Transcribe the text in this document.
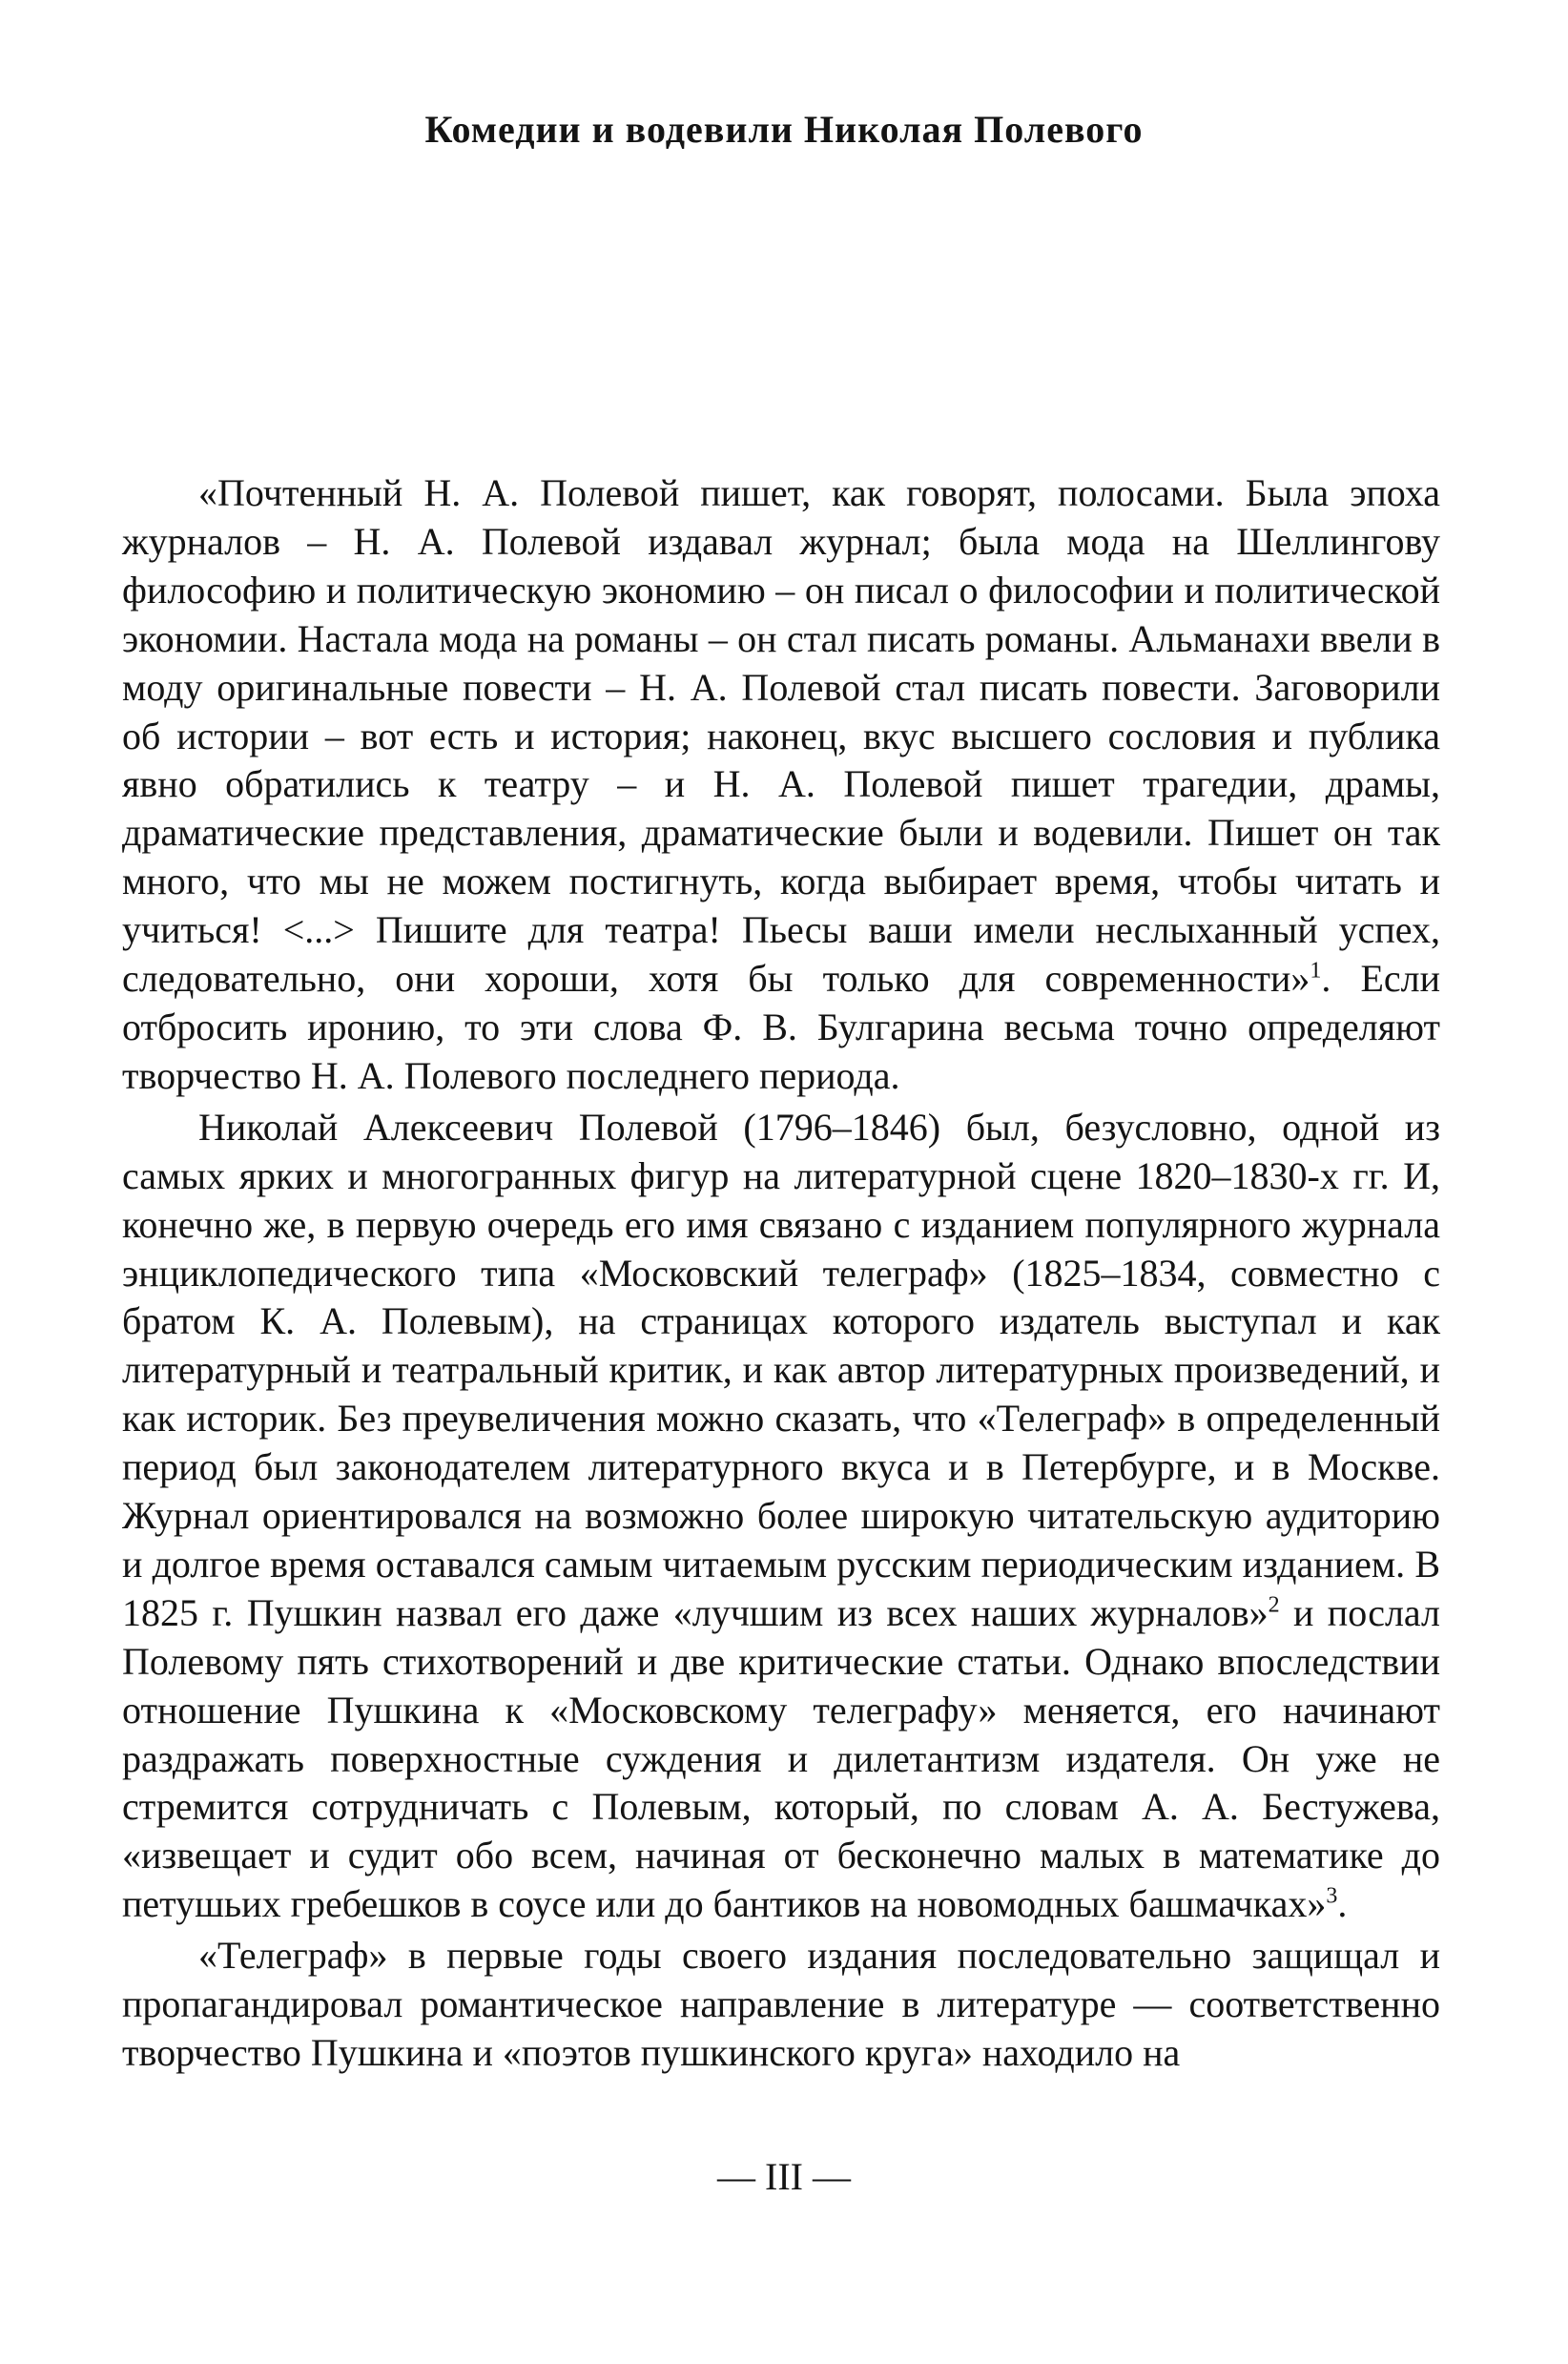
Комедии и водевили Николая Полевого

«Почтенный Н. А. Полевой пишет, как говорят, полосами. Была эпоха журналов – Н. А. Полевой издавал журнал; была мода на Шеллингову философию и политическую экономию – он писал о философии и политической экономии. Настала мода на романы – он стал писать романы. Альманахи ввели в моду оригинальные повести – Н. А. Полевой стал писать повести. Заговорили об истории – вот есть и история; наконец, вкус высшего сословия и публика явно обратились к театру – и Н. А. Полевой пишет трагедии, драмы, драматические представления, драматические были и водевили. Пишет он так много, что мы не можем постигнуть, когда выбирает время, чтобы читать и учиться! <...> Пишите для театра! Пьесы ваши имели неслыханный успех, следовательно, они хороши, хотя бы только для современности»$^1$. Если отбросить иронию, то эти слова Ф. В. Булгарина весьма точно определяют творчество Н. А. Полевого последнего периода.

Николай Алексеевич Полевой (1796–1846) был, безусловно, одной из самых ярких и многогранных фигур на литературной сцене 1820–1830-х гг. И, конечно же, в первую очередь его имя связано с изданием популярного журнала энциклопедического типа «Московский телеграф» (1825–1834, совместно с братом К. А. Полевым), на страницах которого издатель выступал и как литературный и театральный критик, и как автор литературных произведений, и как историк. Без преувеличения можно сказать, что «Телеграф» в определенный период был законодателем литературного вкуса и в Петербурге, и в Москве. Журнал ориентировался на возможно более широкую читательскую аудиторию и долгое время оставался самым читаемым русским периодическим изданием. В 1825 г. Пушкин назвал его даже «лучшим из всех наших журналов»$^2$ и послал Полевому пять стихотворений и две критические статьи. Однако впоследствии отношение Пушкина к «Московскому телеграфу» меняется, его начинают раздражать поверхностные суждения и дилетантизм издателя. Он уже не стремится сотрудничать с Полевым, который, по словам А. А. Бестужева, «извещает и судит обо всем, начиная от бесконечно малых в математике до петушьих гребешков в соусе или до бантиков на новомодных башмачках»$^3$.

«Телеграф» в первые годы своего издания последовательно защищал и пропагандировал романтическое направление в литературе — соответственно творчество Пушкина и «поэтов пушкинского круга» находило на

— III —
